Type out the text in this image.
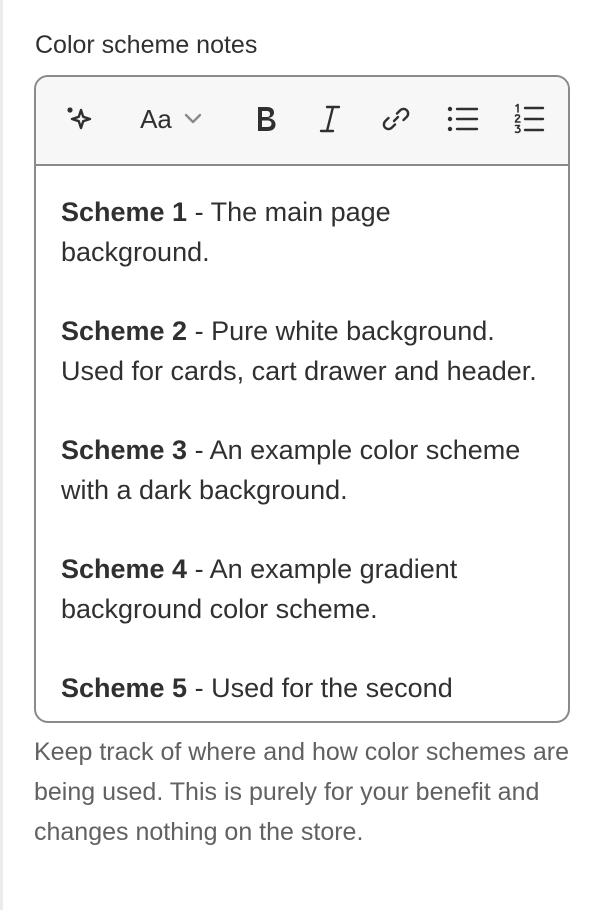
Color scheme notes
Aa

Scheme 1 - The main page background.

Scheme 2 - Pure white background. Used for cards, cart drawer and header.

Scheme 3 - An example color scheme with a dark background.

Scheme 4 - An example gradient background color scheme.

Scheme 5 - Used for the second

Keep track of where and how color schemes are being used. This is purely for your benefit and changes nothing on the store.
